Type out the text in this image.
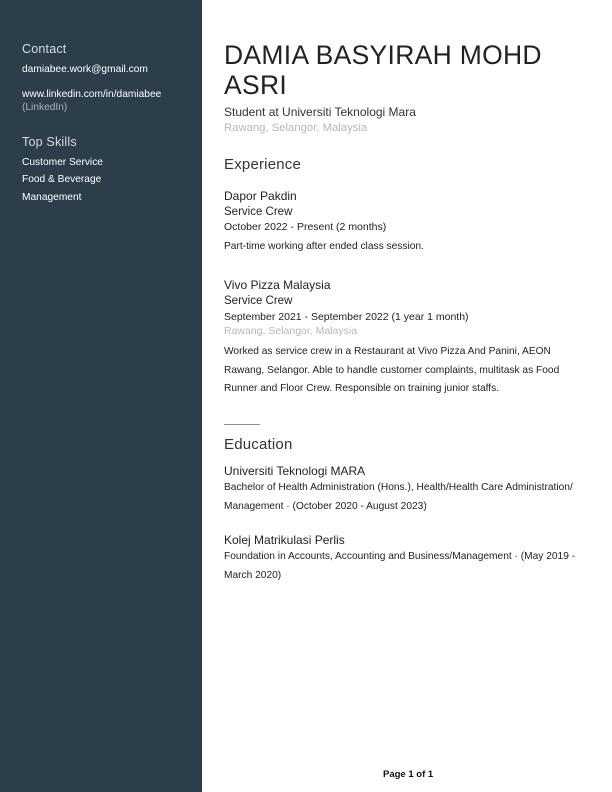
Contact
damiabee.work@gmail.com
www.linkedin.com/in/damiabee
(LinkedIn)
Top Skills
Customer Service
Food & Beverage
Management
DAMIA BASYIRAH MOHD ASRI
Student at Universiti Teknologi Mara
Rawang, Selangor, Malaysia
Experience
Dapor Pakdin
Service Crew
October 2022 - Present (2 months)
Part-time working after ended class session.
Vivo Pizza Malaysia
Service Crew
September 2021 - September 2022 (1 year 1 month)
Rawang, Selangor, Malaysia
Worked as service crew in a Restaurant at Vivo Pizza And Panini, AEON Rawang, Selangor. Able to handle customer complaints, multitask as Food Runner and Floor Crew. Responsible on training junior staffs.
Education
Universiti Teknologi MARA
Bachelor of Health Administration (Hons.), Health/Health Care Administration/ Management · (October 2020 - August 2023)
Kolej Matrikulasi Perlis
Foundation in Accounts, Accounting and Business/Management · (May 2019 - March 2020)
Page 1 of 1
